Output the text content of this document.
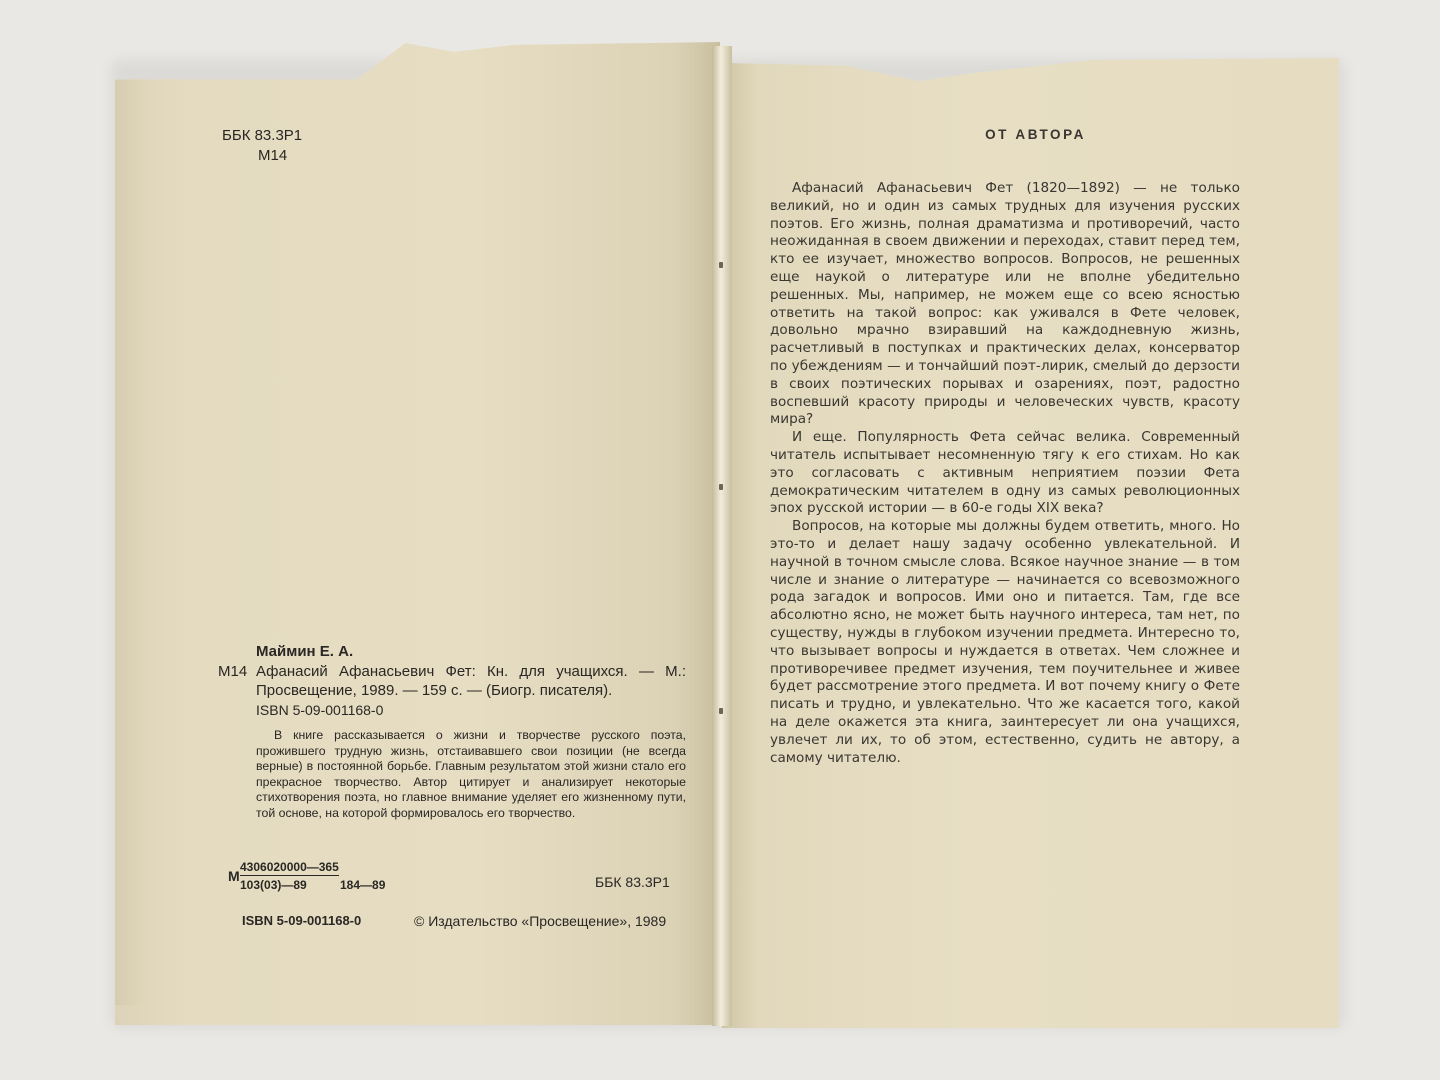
ББК 83.3Р1
М14
Маймин Е. А.
М14 Афанасий Афанасьевич Фет: Кн. для учащихся. — М.: Просвещение, 1989. — 159 с. — (Биогр. писателя).
ISBN 5-09-001168-0
В книге рассказывается о жизни и творчестве русского поэта, прожившего трудную жизнь, отстаивавшего свои позиции (не всегда верные) в постоянной борьбе. Главным результатом этой жизни стало его прекрасное творчество. Автор цитирует и анализирует некоторые стихотворения поэта, но главное внимание уделяет его жизненному пути, той основе, на которой формировалось его творчество.
М $\frac{4306020000—365}{103(03)—89}$ 184—89	ББК 83.3Р1
ISBN 5-09-001168-0	© Издательство «Просвещение», 1989
ОТ АВТОРА

Афанасий Афанасьевич Фет (1820—1892) — не только великий, но и один из самых трудных для изучения русских поэтов. Его жизнь, полная драматизма и противоречий, часто неожиданная в своем движении и переходах, ставит перед тем, кто ее изучает, множество вопросов. Вопросов, не решенных еще наукой о литературе или не вполне убедительно решенных. Мы, например, не можем еще со всею ясностью ответить на такой вопрос: как уживался в Фете человек, довольно мрачно взиравший на каждодневную жизнь, расчетливый в поступках и практических делах, консерватор по убеждениям — и тончайший поэт-лирик, смелый до дерзости в своих поэтических порывах и озарениях, поэт, радостно воспевший красоту природы и человеческих чувств, красоту мира?

И еще. Популярность Фета сейчас велика. Современный читатель испытывает несомненную тягу к его стихам. Но как это согласовать с активным неприятием поэзии Фета демократическим читателем в одну из самых революционных эпох русской истории — в 60-е годы XIX века?

Вопросов, на которые мы должны будем ответить, много. Но это-то и делает нашу задачу особенно увлекательной. И научной в точном смысле слова. Всякое научное знание — в том числе и знание о литературе — начинается со всевозможного рода загадок и вопросов. Ими оно и питается. Там, где все абсолютно ясно, не может быть научного интереса, там нет, по существу, нужды в глубоком изучении предмета. Интересно то, что вызывает вопросы и нуждается в ответах. Чем сложнее и противоречивее предмет изучения, тем поучительнее и живее будет рассмотрение этого предмета. И вот почему книгу о Фете писать и трудно, и увлекательно. Что же касается того, какой на деле окажется эта книга, заинтересует ли она учащихся, увлечет ли их, то об этом, естественно, судить не автору, а самому читателю.
